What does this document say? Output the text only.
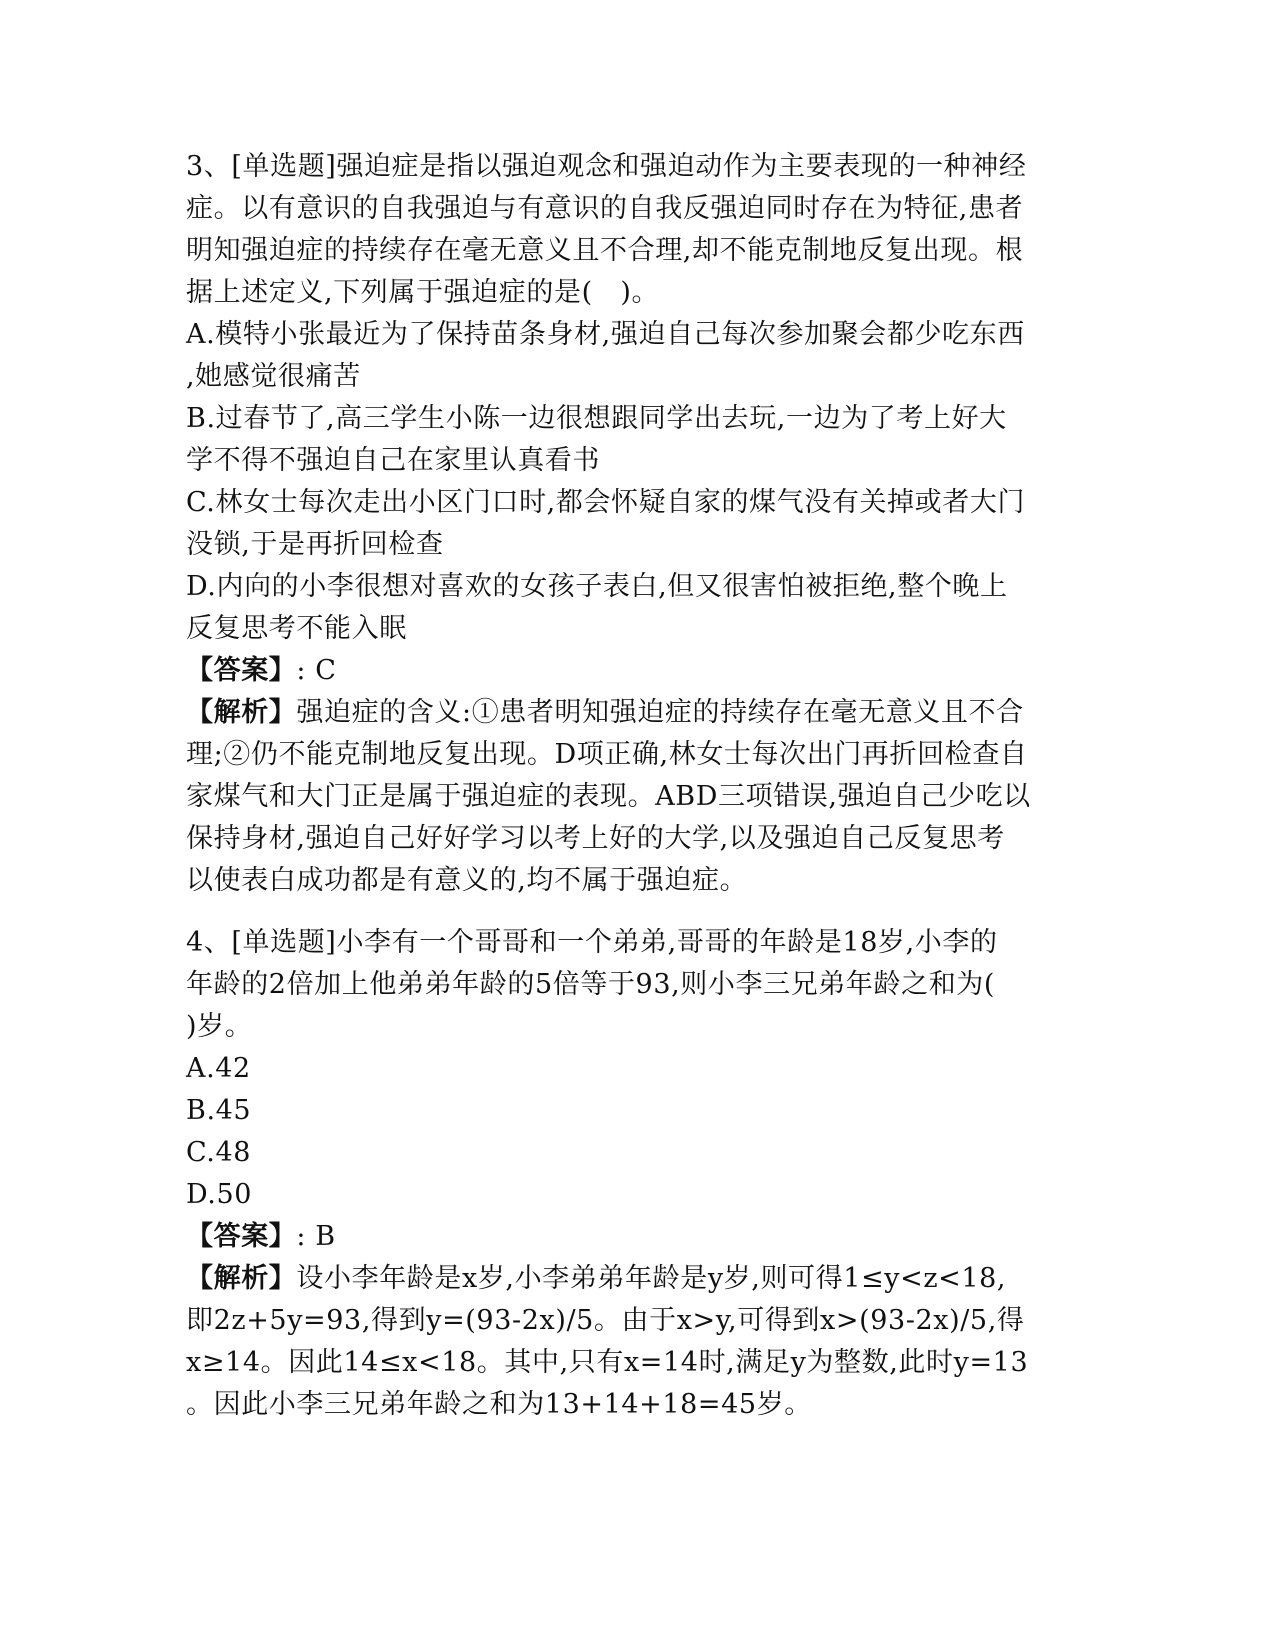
3、[单选题]强迫症是指以强迫观念和强迫动作为主要表现的一种神经
症。以有意识的自我强迫与有意识的自我反强迫同时存在为特征,患者
明知强迫症的持续存在毫无意义且不合理,却不能克制地反复出现。根
据上述定义,下列属于强迫症的是(　)。
A.模特小张最近为了保持苗条身材,强迫自己每次参加聚会都少吃东西
,她感觉很痛苦
B.过春节了,高三学生小陈一边很想跟同学出去玩,一边为了考上好大
学不得不强迫自己在家里认真看书
C.林女士每次走出小区门口时,都会怀疑自家的煤气没有关掉或者大门
没锁,于是再折回检查
D.内向的小李很想对喜欢的女孩子表白,但又很害怕被拒绝,整个晚上
反复思考不能入眠
【答案】: C
【解析】强迫症的含义:①患者明知强迫症的持续存在毫无意义且不合
理;②仍不能克制地反复出现。D项正确,林女士每次出门再折回检查自
家煤气和大门正是属于强迫症的表现。ABD三项错误,强迫自己少吃以
保持身材,强迫自己好好学习以考上好的大学,以及强迫自己反复思考
以使表白成功都是有意义的,均不属于强迫症。
4、[单选题]小李有一个哥哥和一个弟弟,哥哥的年龄是18岁,小李的
年龄的2倍加上他弟弟年龄的5倍等于93,则小李三兄弟年龄之和为(
)岁。
A.42
B.45
C.48
D.50
【答案】: B
【解析】设小李年龄是x岁,小李弟弟年龄是y岁,则可得1≤y<z<18,
即2z+5y=93,得到y=(93-2x)/5。由于x>y,可得到x>(93-2x)/5,得
x≥14。因此14≤x<18。其中,只有x=14时,满足y为整数,此时y=13
。因此小李三兄弟年龄之和为13+14+18=45岁。
